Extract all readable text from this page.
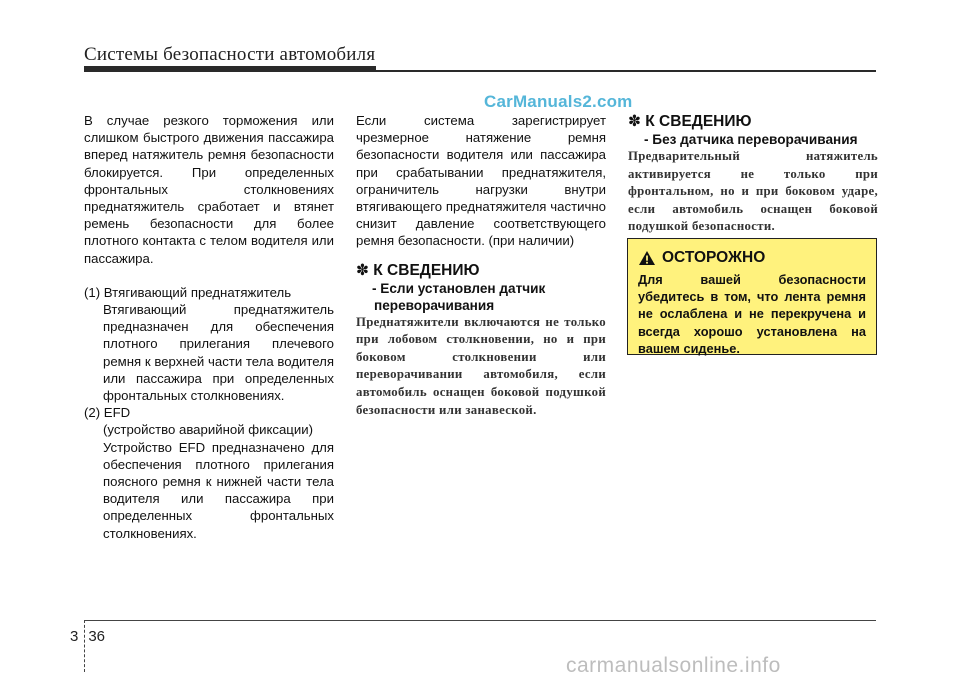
Системы безопасности автомобиля
CarManuals2.com

В случае резкого торможения или слишком быстрого движения пассажира вперед натяжитель ремня безопасности блокируется. При определенных фронтальных столкновениях преднатяжитель сработает и втянет ремень безопасности для более плотного контакта с телом водителя или пассажира.

(1) Втягивающий преднатяжитель

Втягивающий преднатяжитель предназначен для обеспечения плотного прилегания плечевого ремня к верхней части тела водителя или пассажира при определенных фронтальных столкновениях.

(2) EFD

(устройство аварийной фиксации)

Устройство EFD предназначено для обеспечения плотного прилегания поясного ремня к нижней части тела водителя или пассажира при определенных фронтальных столкновениях.

Если система зарегистрирует чрезмерное натяжение ремня безопасности водителя или пассажира при срабатывании преднатяжителя, ограничитель нагрузки внутри втягивающего преднатяжителя частично снизит давление соответствующего ремня безопасности. (при наличии)

✽ К СВЕДЕНИЮ

- Если установлен датчик переворачивания

Преднатяжители включаются не только при лобовом столкновении, но и при боковом столкновении или переворачивании автомобиля, если автомобиль оснащен боковой подушкой безопасности или занавеской.

✽ К СВЕДЕНИЮ

- Без датчика переворачивания

Предварительный натяжитель активируется не только при фронтальном, но и при боковом ударе, если автомобиль оснащен боковой подушкой безопасности.

ОСТОРОЖНО

Для вашей безопасности убедитесь в том, что лента ремня не ослаблена и не перекручена и всегда хорошо установлена на вашем сиденье.

3 36
carmanualsonline.info
